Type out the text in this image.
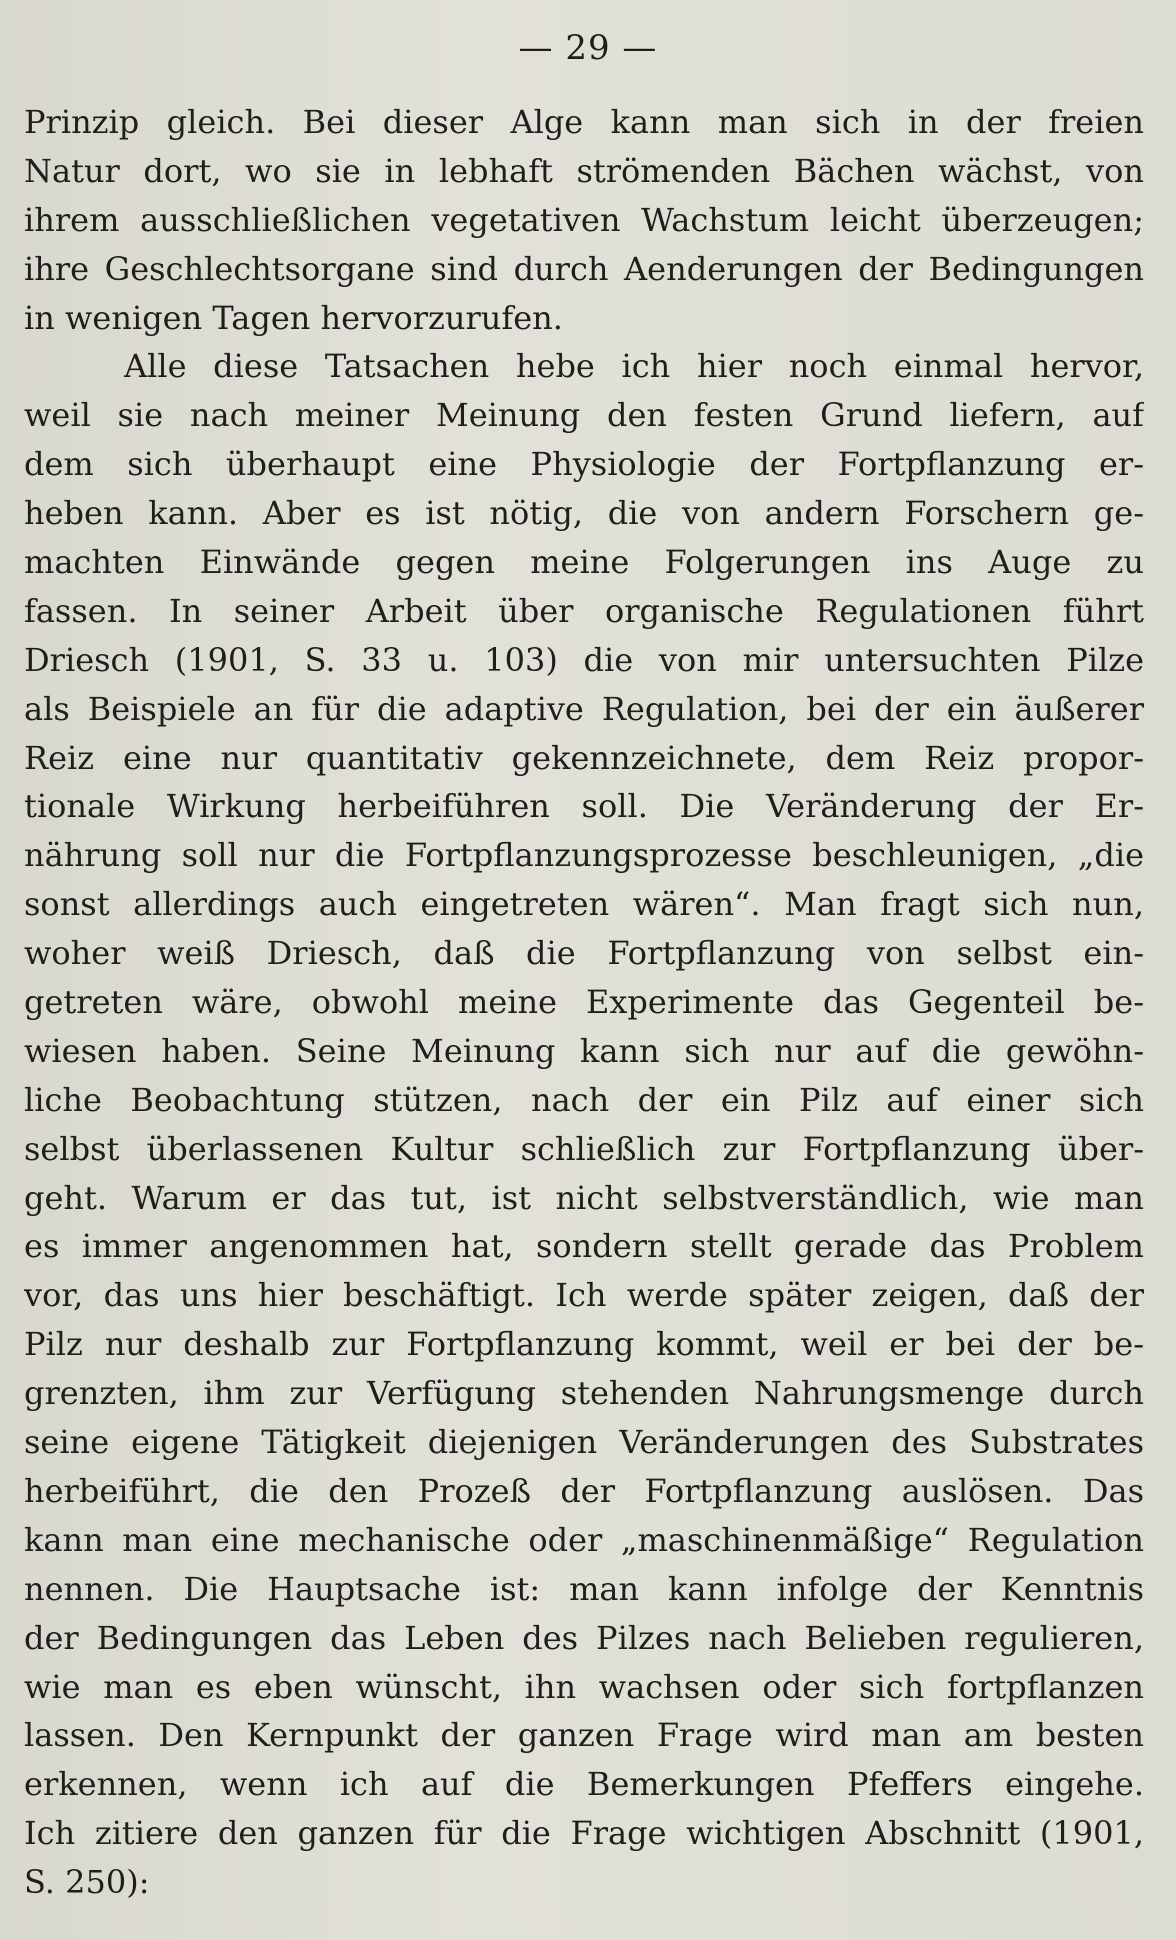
— 29 —
Prinzip gleich. Bei dieser Alge kann man sich in der freien
Natur dort, wo sie in lebhaft strömenden Bächen wächst, von
ihrem ausschließlichen vegetativen Wachstum leicht überzeugen;
ihre Geschlechtsorgane sind durch Aenderungen der Bedingungen
in wenigen Tagen hervorzurufen.
Alle diese Tatsachen hebe ich hier noch einmal hervor,
weil sie nach meiner Meinung den festen Grund liefern, auf
dem sich überhaupt eine Physiologie der Fortpflanzung er-
heben kann. Aber es ist nötig, die von andern Forschern ge-
machten Einwände gegen meine Folgerungen ins Auge zu
fassen. In seiner Arbeit über organische Regulationen führt
Driesch (1901, S. 33 u. 103) die von mir untersuchten Pilze
als Beispiele an für die adaptive Regulation, bei der ein äußerer
Reiz eine nur quantitativ gekennzeichnete, dem Reiz propor-
tionale Wirkung herbeiführen soll. Die Veränderung der Er-
nährung soll nur die Fortpflanzungsprozesse beschleunigen, „die
sonst allerdings auch eingetreten wären“. Man fragt sich nun,
woher weiß Driesch, daß die Fortpflanzung von selbst ein-
getreten wäre, obwohl meine Experimente das Gegenteil be-
wiesen haben. Seine Meinung kann sich nur auf die gewöhn-
liche Beobachtung stützen, nach der ein Pilz auf einer sich
selbst überlassenen Kultur schließlich zur Fortpflanzung über-
geht. Warum er das tut, ist nicht selbstverständlich, wie man
es immer angenommen hat, sondern stellt gerade das Problem
vor, das uns hier beschäftigt. Ich werde später zeigen, daß der
Pilz nur deshalb zur Fortpflanzung kommt, weil er bei der be-
grenzten, ihm zur Verfügung stehenden Nahrungsmenge durch
seine eigene Tätigkeit diejenigen Veränderungen des Substrates
herbeiführt, die den Prozeß der Fortpflanzung auslösen. Das
kann man eine mechanische oder „maschinenmäßige“ Regulation
nennen. Die Hauptsache ist: man kann infolge der Kenntnis
der Bedingungen das Leben des Pilzes nach Belieben regulieren,
wie man es eben wünscht, ihn wachsen oder sich fortpflanzen
lassen. Den Kernpunkt der ganzen Frage wird man am besten
erkennen, wenn ich auf die Bemerkungen Pfeffers eingehe.
Ich zitiere den ganzen für die Frage wichtigen Abschnitt (1901,
S. 250):
